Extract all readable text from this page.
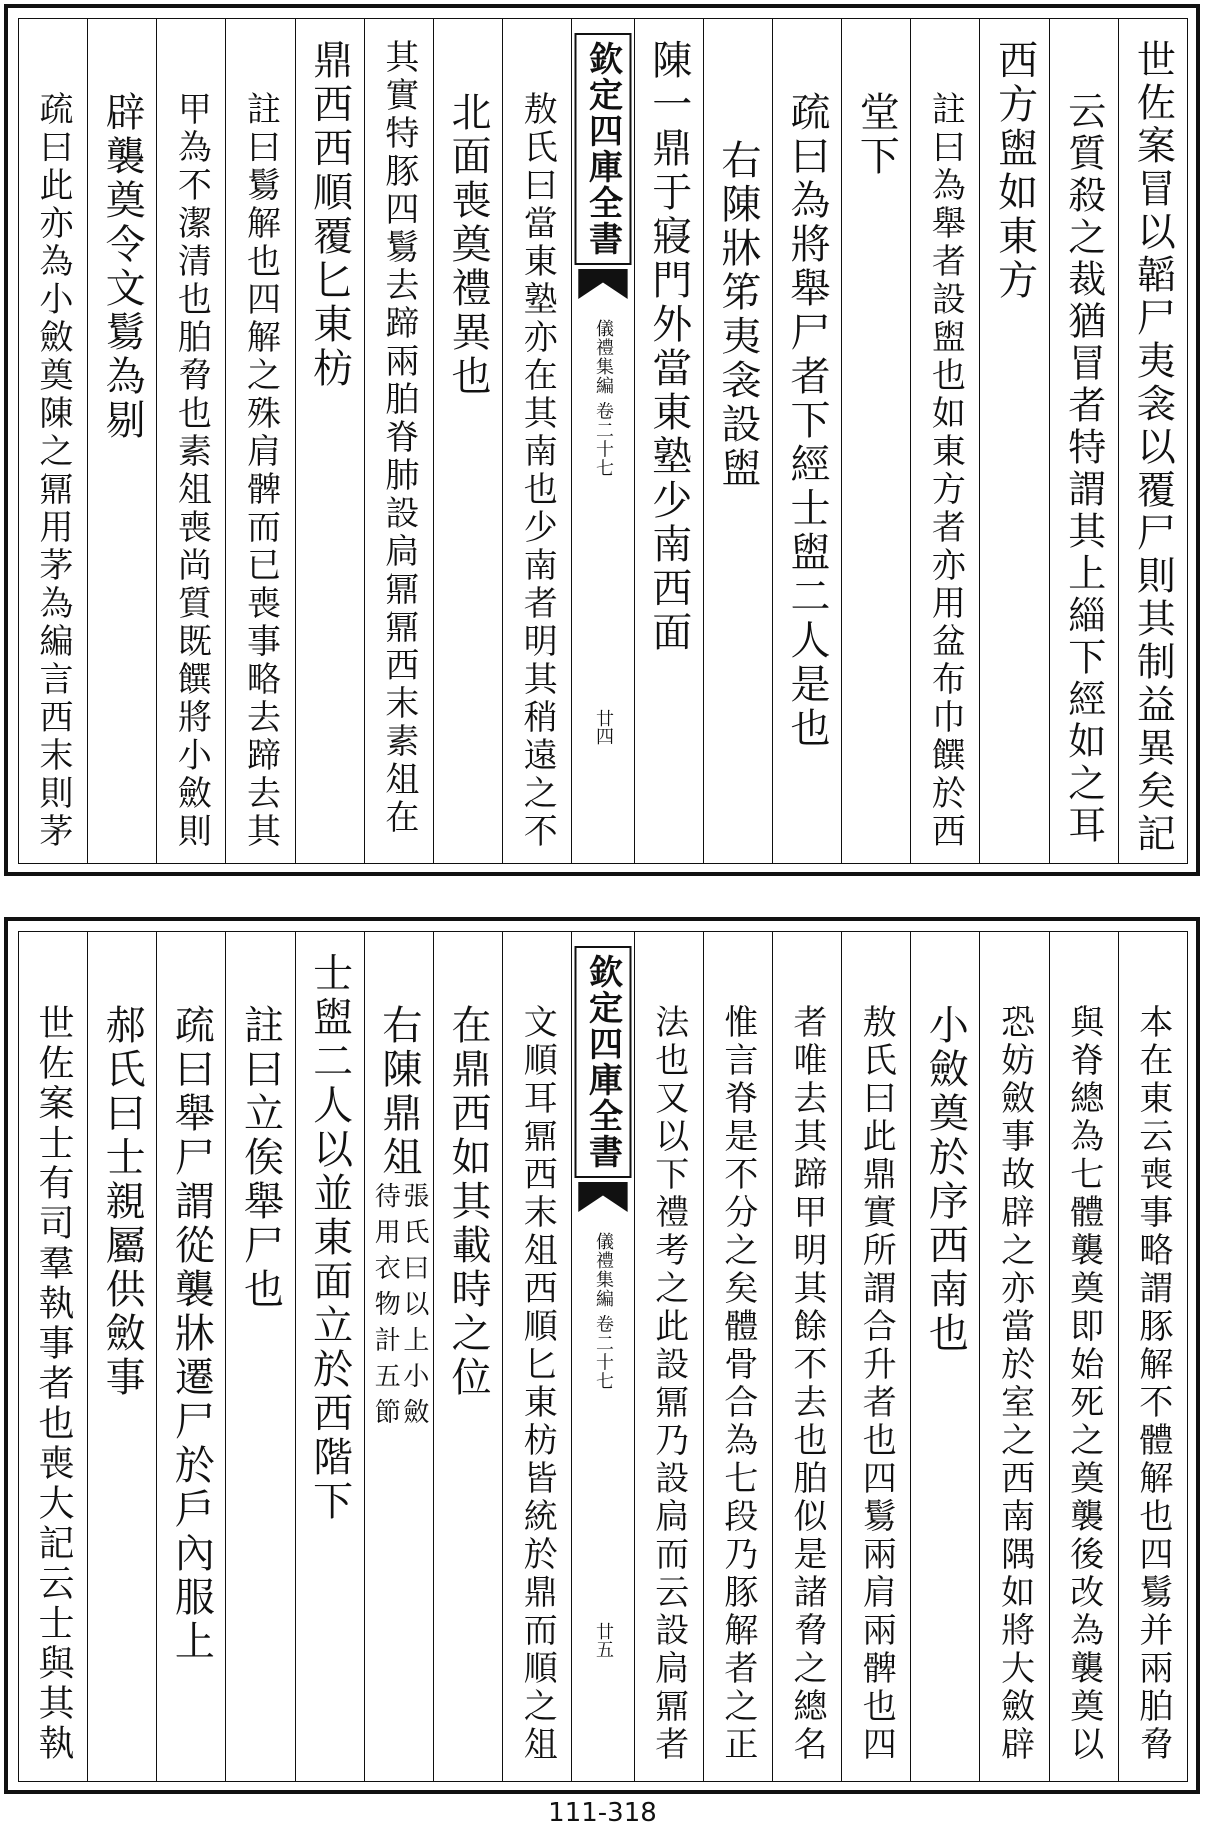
世佐案冒以韜尸夷衾以覆尸則其制益異矣記
云質殺之裁猶冒者特謂其上緇下經如之耳
西方盥如東方
註曰為舉者設盥也如東方者亦用盆布巾饌於西
堂下
疏曰為將舉尸者下經士盥二人是也
右陳牀笫夷衾設盥
陳一鼎于寢門外當東塾少南西面
欽定四庫全書
儀禮集編 卷二十七
廿四
敖氏曰當東塾亦在其南也少南者明其稍遠之不
北面喪奠禮異也
其實特豚四鬄去蹄兩胉脊肺設扃鼏鼏西末素俎在
鼎西西順覆匕東枋
註曰鬄解也四解之殊肩髀而已喪事略去蹄去其
甲為不潔清也胉脅也素俎喪尚質既饌將小斂則
辟襲奠令文鬄為剔
疏曰此亦為小斂奠陳之鼏用茅為編言西末則茅
本在東云喪事略謂豚解不體解也四鬄并兩胉脅
與脊總為七體襲奠即始死之奠襲後改為襲奠以
恐妨斂事故辟之亦當於室之西南隅如將大斂辟
小斂奠於序西南也
敖氏曰此鼎實所謂合升者也四鬄兩肩兩髀也四
者唯去其蹄甲明其餘不去也胉似是諸脅之總名
惟言脊是不分之矣體骨合為七段乃豚解者之正
法也又以下禮考之此設鼏乃設扃而云設扃鼏者
欽定四庫全書
儀禮集編 卷二十七
廿五
文順耳鼏西末俎西順匕東枋皆統於鼎而順之俎
在鼎西如其載時之位
右陳鼎俎
張氏曰以上小斂
待用衣物計五節
士盥二人以並東面立於西階下
註曰立俟舉尸也
疏曰舉尸謂從襲牀遷尸於戶內服上
郝氏曰士親屬供斂事
世佐案士有司羣執事者也喪大記云士與其執
111-318
